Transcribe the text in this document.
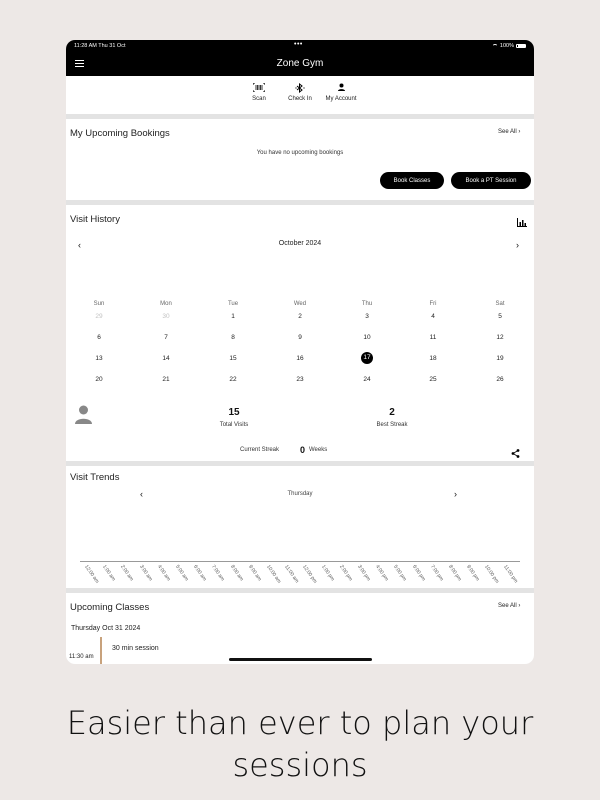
11:28 AM Thu 31 Oct	•••	100%
Zone Gym
Scan	Check In	My Account
My Upcoming Bookings	See All ›
You have no upcoming bookings
Book Classes	Book a PT Session
Visit History
‹	October 2024	›
Sun	Mon	Tue	Wed	Thu	Fri	Sat
29	30	1	2	3	4	5
6	7	8	9	10	11	12
13	14	15	16	17	18	19
20	21	22	23	24	25	26
15
Total Visits
2
Best Streak
Current Streak 0 Weeks
Visit Trends
‹	Thursday	›
12:00 am 1:00 am 2:00 am 3:00 am 4:00 am 5:00 am 6:00 am 7:00 am 8:00 am 9:00 am 10:00 am 11:00 am 12:00 pm 1:00 pm 2:00 pm 3:00 pm 4:00 pm 5:00 pm 6:00 pm 7:00 pm 8:00 pm 9:00 pm 10:00 pm 11:00 pm
Upcoming Classes	See All ›
Thursday Oct 31 2024
11:30 am
30 min session
Easier than ever to plan your
sessions
